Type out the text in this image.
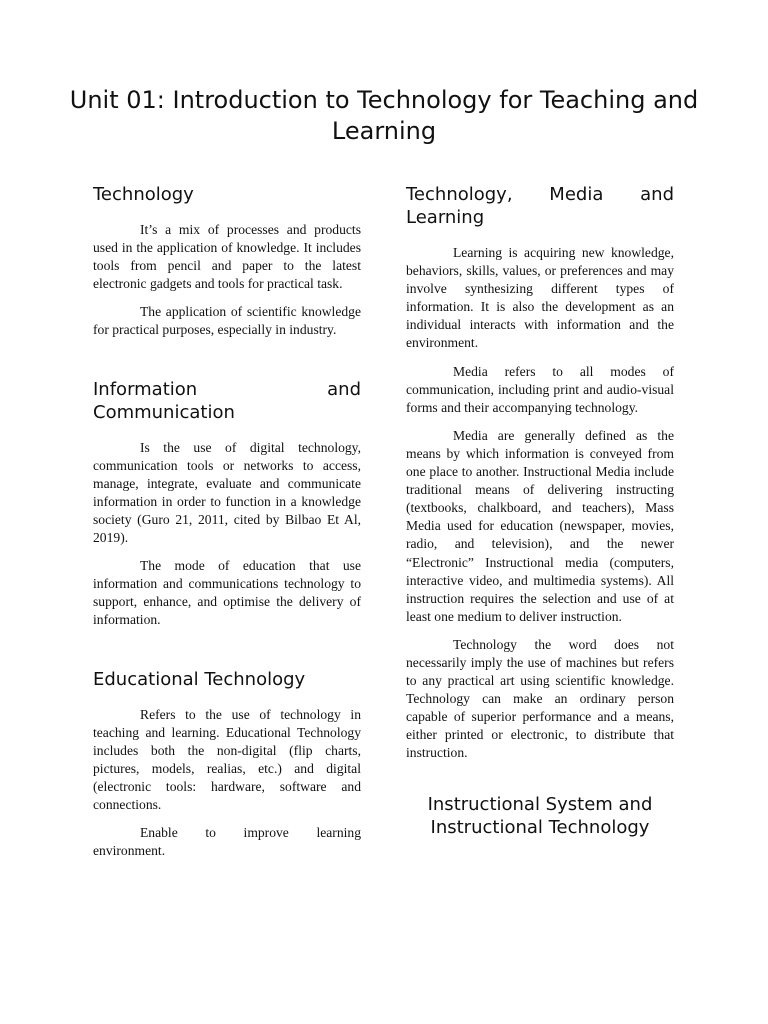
Unit 01: Introduction to Technology for Teaching and Learning
Technology

It’s a mix of processes and products used in the application of knowledge. It includes tools from pencil and paper to the latest electronic gadgets and tools for practical task.

The application of scientific knowledge for practical purposes, especially in industry.

Information and Communication

Is the use of digital technology, communication tools or networks to access, manage, integrate, evaluate and communicate information in order to function in a knowledge society (Guro 21, 2011, cited by Bilbao Et Al, 2019).

The mode of education that use information and communications technology to support, enhance, and optimise the delivery of information.

Educational Technology

Refers to the use of technology in teaching and learning. Educational Technology includes both the non-digital (flip charts, pictures, models, realias, etc.) and digital (electronic tools: hardware, software and connections.

Enable to improve learning environment.

Technology, Media and Learning

Learning is acquiring new knowledge, behaviors, skills, values, or preferences and may involve synthesizing different types of information. It is also the development as an individual interacts with information and the environment.

Media refers to all modes of communication, including print and audio-visual forms and their accompanying technology.

Media are generally defined as the means by which information is conveyed from one place to another. Instructional Media include traditional means of delivering instructing (textbooks, chalkboard, and teachers), Mass Media used for education (newspaper, movies, radio, and television), and the newer “Electronic” Instructional media (computers, interactive video, and multimedia systems). All instruction requires the selection and use of at least one medium to deliver instruction.

Technology the word does not necessarily imply the use of machines but refers to any practical art using scientific knowledge. Technology can make an ordinary person capable of superior performance and a means, either printed or electronic, to distribute that instruction.

Instructional System and Instructional Technology
